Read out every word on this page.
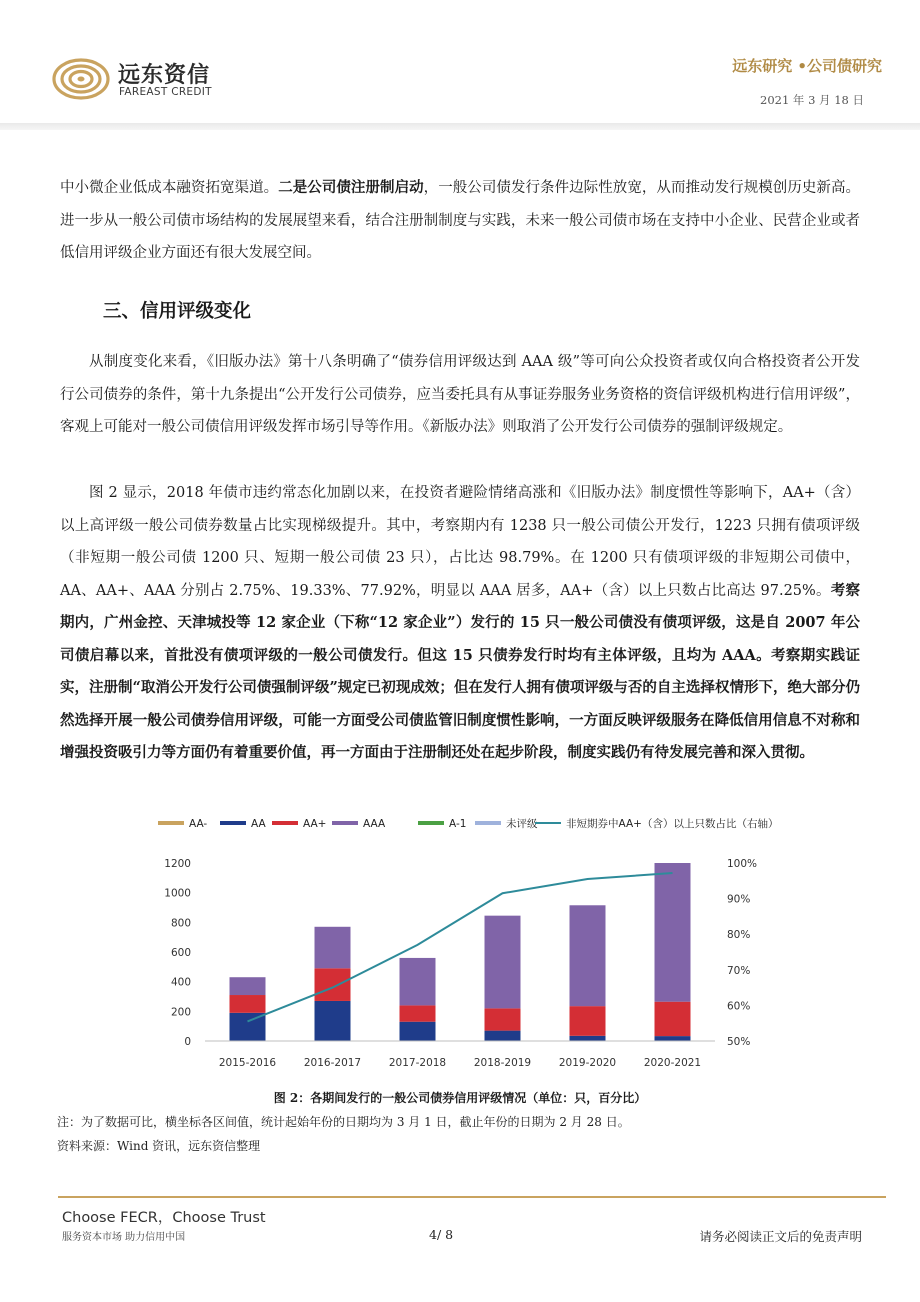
远东资信
FAREAST CREDIT
远东研究 •公司债研究
2021 年 3 月 18 日

中小微企业低成本融资拓宽渠道。二是公司债注册制启动，一般公司债发行条件边际性放宽，从而推动发行规模创历史新高。进一步从一般公司债市场结构的发展展望来看，结合注册制制度与实践，未来一般公司债市场在支持中小企业、民营企业或者低信用评级企业方面还有很大发展空间。

三、信用评级变化

从制度变化来看，《旧版办法》第十八条明确了“债券信用评级达到 AAA 级”等可向公众投资者或仅向合格投资者公开发行公司债券的条件，第十九条提出“公开发行公司债券，应当委托具有从事证券服务业务资格的资信评级机构进行信用评级”，客观上可能对一般公司债信用评级发挥市场引导等作用。《新版办法》则取消了公开发行公司债券的强制评级规定。

图 2 显示，2018 年债市违约常态化加剧以来，在投资者避险情绪高涨和《旧版办法》制度惯性等影响下，AA+（含）以上高评级一般公司债券数量占比实现梯级提升。其中，考察期内有 1238 只一般公司债公开发行，1223 只拥有债项评级（非短期一般公司债 1200 只、短期一般公司债 23 只），占比达 98.79%。在 1200 只有债项评级的非短期公司债中，AA、AA+、AAA 分别占 2.75%、19.33%、77.92%，明显以 AAA 居多，AA+（含）以上只数占比高达 97.25%。考察期内，广州金控、天津城投等 12 家企业（下称“12 家企业”）发行的 15 只一般公司债没有债项评级，这是自 2007 年公司债启幕以来，首批没有债项评级的一般公司债发行。但这 15 只债券发行时均有主体评级，且均为 AAA。考察期实践证实，注册制“取消公开发行公司债强制评级”规定已初现成效；但在发行人拥有债项评级与否的自主选择权情形下，绝大部分仍然选择开展一般公司债券信用评级，可能一方面受公司债监管旧制度惯性影响，一方面反映评级服务在降低信用信息不对称和增强投资吸引力等方面仍有着重要价值，再一方面由于注册制还处在起步阶段，制度实践仍有待发展完善和深入贯彻。

AA-	AA	AA+	AAA	A-1	未评级	非短期券中AA+（含）以上只数占比（右轴）
0
200
400
600
800
1000
1200
50%
60%
70%
80%
90%
100%
2015-2016	2016-2017	2017-2018	2018-2019	2019-2020	2020-2021
图 2：各期间发行的一般公司债券信用评级情况（单位：只，百分比）
注：为了数据可比，横坐标各区间值，统计起始年份的日期均为 3 月 1 日，截止年份的日期为 2 月 28 日。
资料来源：Wind 资讯，远东资信整理
Choose FECR，Choose Trust
服务资本市场 助力信用中国	4/ 8	请务必阅读正文后的免责声明
